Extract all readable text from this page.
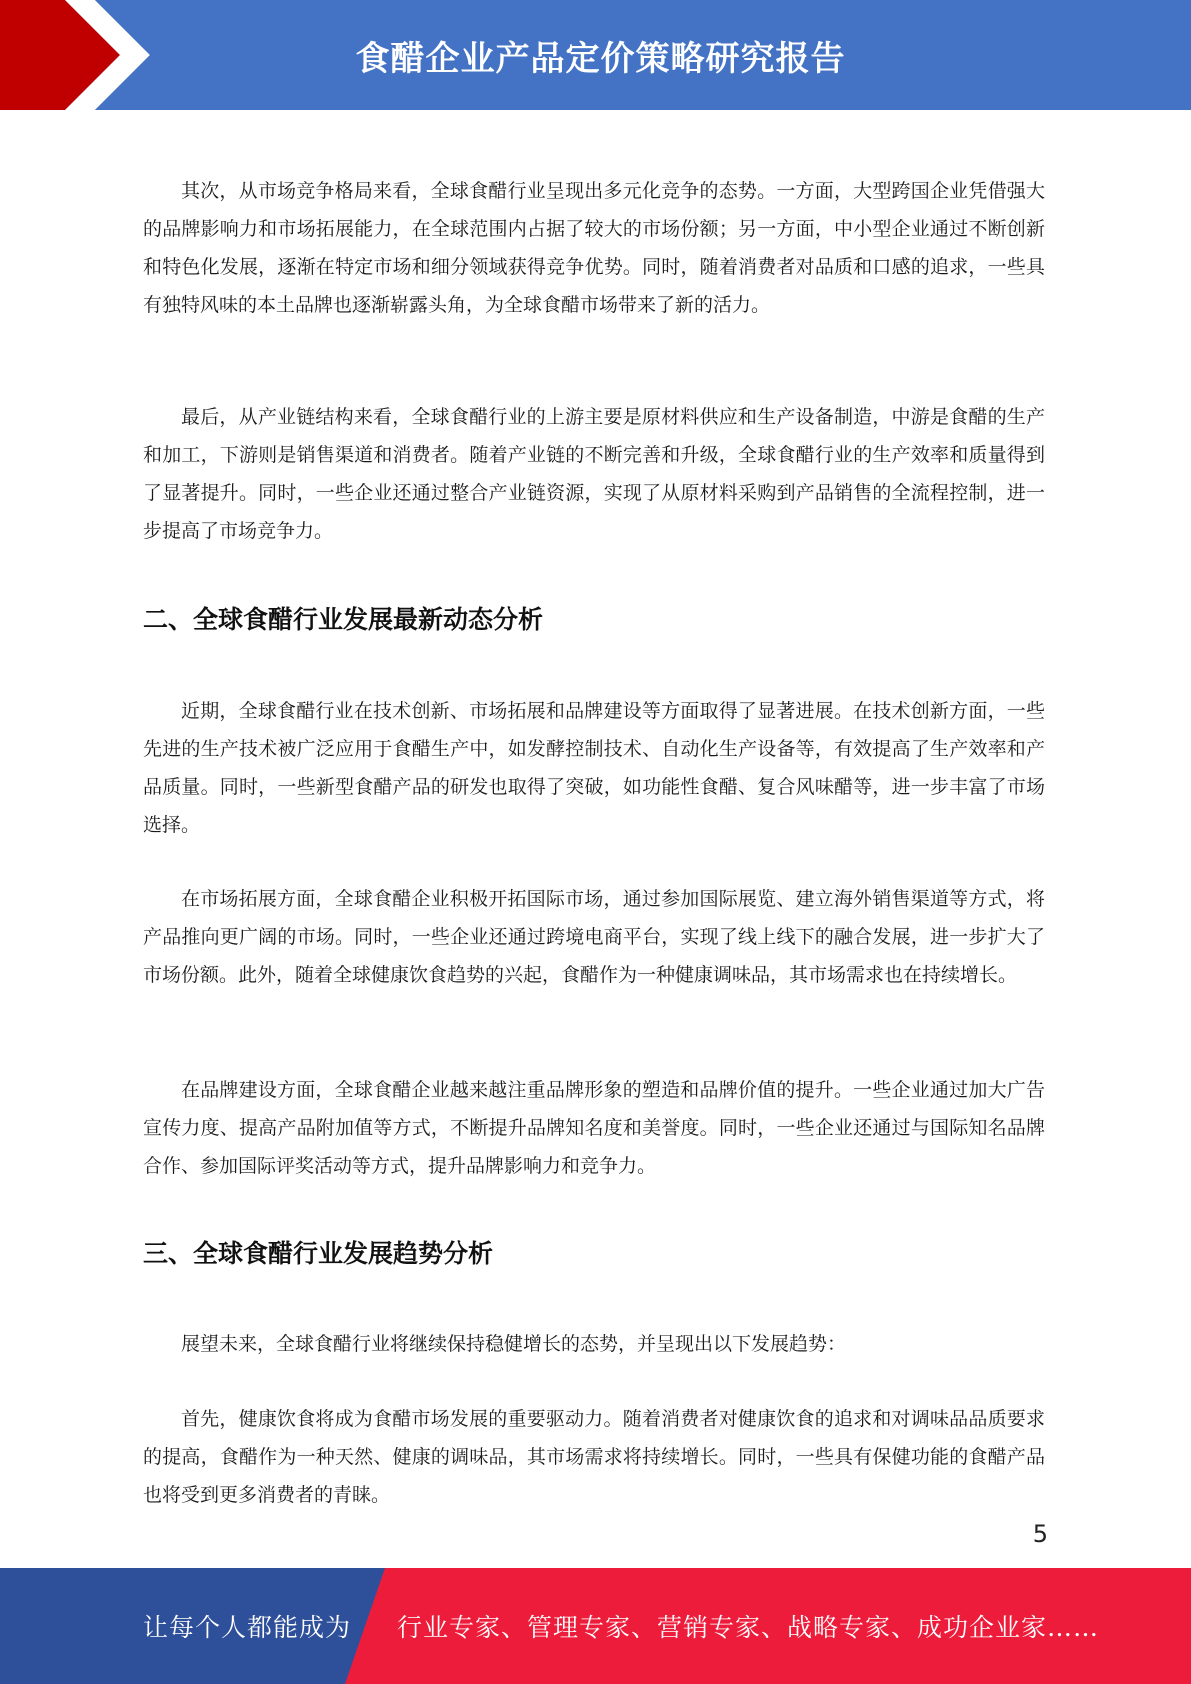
食醋企业产品定价策略研究报告

其次，从市场竞争格局来看，全球食醋行业呈现出多元化竞争的态势。一方面，大型跨国企业凭借强大的品牌影响力和市场拓展能力，在全球范围内占据了较大的市场份额；另一方面，中小型企业通过不断创新和特色化发展，逐渐在特定市场和细分领域获得竞争优势。同时，随着消费者对品质和口感的追求，一些具有独特风味的本土品牌也逐渐崭露头角，为全球食醋市场带来了新的活力。

最后，从产业链结构来看，全球食醋行业的上游主要是原材料供应和生产设备制造，中游是食醋的生产和加工，下游则是销售渠道和消费者。随着产业链的不断完善和升级，全球食醋行业的生产效率和质量得到了显著提升。同时，一些企业还通过整合产业链资源，实现了从原材料采购到产品销售的全流程控制，进一步提高了市场竞争力。

二、全球食醋行业发展最新动态分析

近期，全球食醋行业在技术创新、市场拓展和品牌建设等方面取得了显著进展。在技术创新方面，一些先进的生产技术被广泛应用于食醋生产中，如发酵控制技术、自动化生产设备等，有效提高了生产效率和产品质量。同时，一些新型食醋产品的研发也取得了突破，如功能性食醋、复合风味醋等，进一步丰富了市场选择。

在市场拓展方面，全球食醋企业积极开拓国际市场，通过参加国际展览、建立海外销售渠道等方式，将产品推向更广阔的市场。同时，一些企业还通过跨境电商平台，实现了线上线下的融合发展，进一步扩大了市场份额。此外，随着全球健康饮食趋势的兴起，食醋作为一种健康调味品，其市场需求也在持续增长。

在品牌建设方面，全球食醋企业越来越注重品牌形象的塑造和品牌价值的提升。一些企业通过加大广告宣传力度、提高产品附加值等方式，不断提升品牌知名度和美誉度。同时，一些企业还通过与国际知名品牌合作、参加国际评奖活动等方式，提升品牌影响力和竞争力。

三、全球食醋行业发展趋势分析

展望未来，全球食醋行业将继续保持稳健增长的态势，并呈现出以下发展趋势：

首先，健康饮食将成为食醋市场发展的重要驱动力。随着消费者对健康饮食的追求和对调味品品质要求的提高，食醋作为一种天然、健康的调味品，其市场需求将持续增长。同时，一些具有保健功能的食醋产品也将受到更多消费者的青睐。

5
让每个人都能成为 行业专家、管理专家、营销专家、战略专家、成功企业家……
